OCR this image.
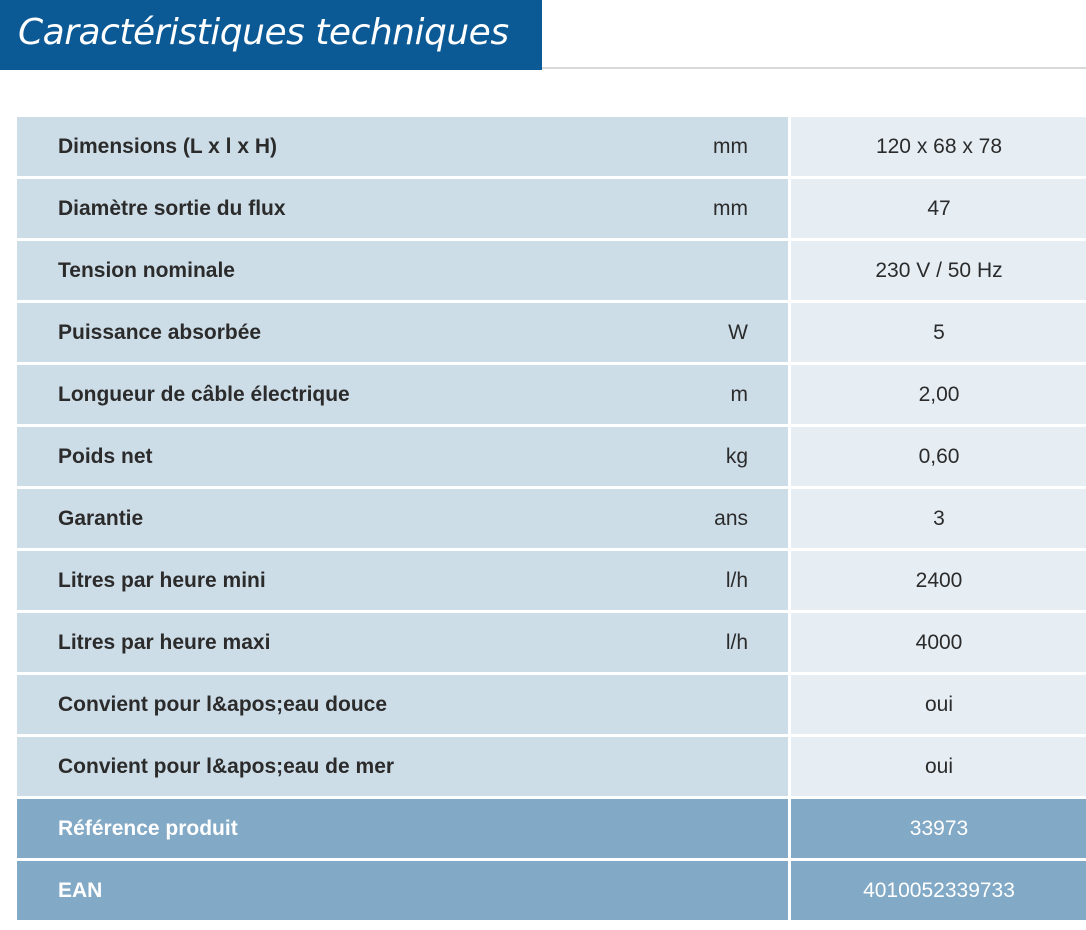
Caractéristiques techniques
Dimensions (L x l x H)	mm	120 x 68 x 78
Diamètre sortie du flux	mm	47
Tension nominale	230 V / 50 Hz
Puissance absorbée	W	5
Longueur de câble électrique	m	2,00
Poids net	kg	0,60
Garantie	ans	3
Litres par heure mini	l/h	2400
Litres par heure maxi	l/h	4000
Convient pour l&apos;eau douce	oui
Convient pour l&apos;eau de mer	oui
Référence produit	33973
EAN	4010052339733
